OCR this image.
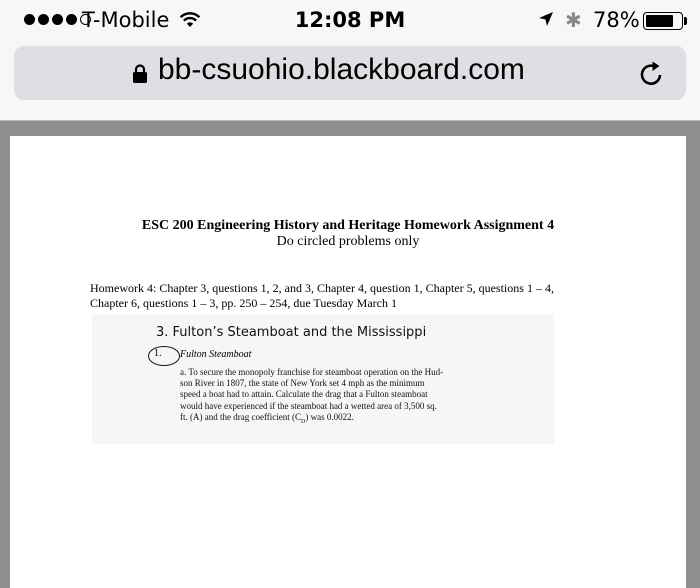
T-Mobile	12:08 PM	✱ 78%
bb-csuohio.blackboard.com
ESC 200 Engineering History and Heritage Homework Assignment 4
Do circled problems only
Homework 4: Chapter 3, questions 1, 2, and 3, Chapter 4, question 1, Chapter 5, questions 1 – 4,
Chapter 6, questions 1 – 3, pp. 250 – 254, due Tuesday March 1
3. Fulton’s Steamboat and the Mississippi
1. Fulton Steamboat
a. To secure the monopoly franchise for steamboat operation on the Hud-
son River in 1807, the state of New York set 4 mph as the minimum
speed a boat had to attain. Calculate the drag that a Fulton steamboat
would have experienced if the steamboat had a wetted area of 3,500 sq.
ft. (A) and the drag coefficient $(C_D)$ was 0.0022.
